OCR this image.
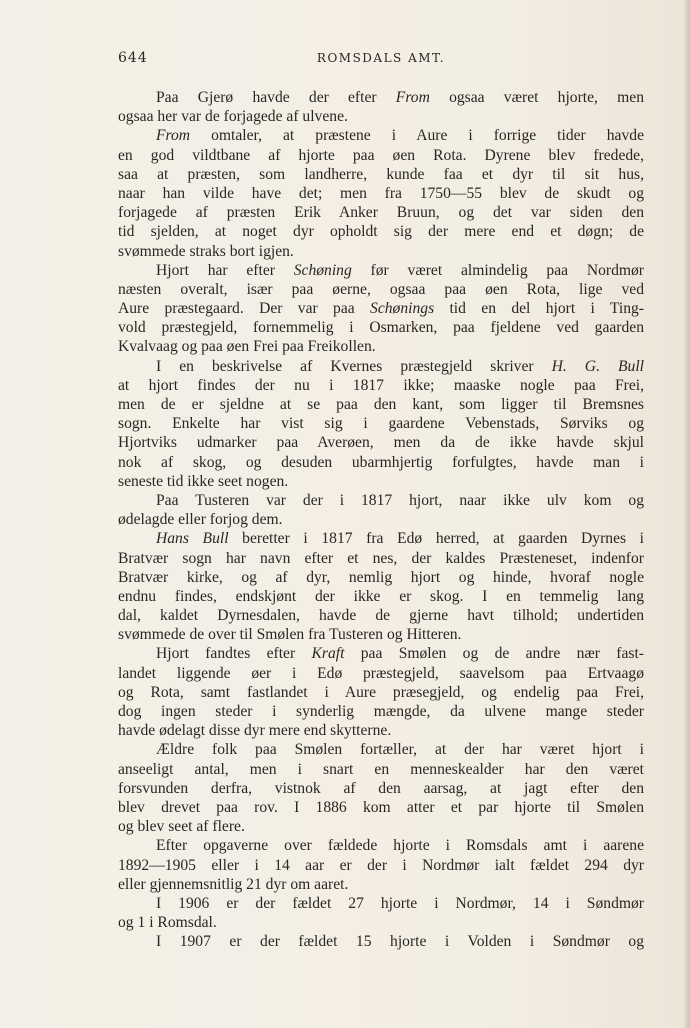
644	ROMSDALS AMT.
Paa Gjerø havde der efter From ogsaa været hjorte, men
ogsaa her var de forjagede af ulvene.
From omtaler, at præstene i Aure i forrige tider havde
en god vildtbane af hjorte paa øen Rota. Dyrene blev fredede,
saa at præsten, som landherre, kunde faa et dyr til sit hus,
naar han vilde have det; men fra 1750—55 blev de skudt og
forjagede af præsten Erik Anker Bruun, og det var siden den
tid sjelden, at noget dyr opholdt sig der mere end et døgn; de
svømmede straks bort igjen.
Hjort har efter Schøning før været almindelig paa Nordmør
næsten overalt, især paa øerne, ogsaa paa øen Rota, lige ved
Aure præstegaard. Der var paa Schønings tid en del hjort i Ting-
vold præstegjeld, fornemmelig i Osmarken, paa fjeldene ved gaarden
Kvalvaag og paa øen Frei paa Freikollen.
I en beskrivelse af Kvernes præstegjeld skriver H. G. Bull
at hjort findes der nu i 1817 ikke; maaske nogle paa Frei,
men de er sjeldne at se paa den kant, som ligger til Bremsnes
sogn. Enkelte har vist sig i gaardene Vebenstads, Sørviks og
Hjortviks udmarker paa Averøen, men da de ikke havde skjul
nok af skog, og desuden ubarmhjertig forfulgtes, havde man i
seneste tid ikke seet nogen.
Paa Tusteren var der i 1817 hjort, naar ikke ulv kom og
ødelagde eller forjog dem.
Hans Bull beretter i 1817 fra Edø herred, at gaarden Dyrnes i
Bratvær sogn har navn efter et nes, der kaldes Præsteneset, indenfor
Bratvær kirke, og af dyr, nemlig hjort og hinde, hvoraf nogle
endnu findes, endskjønt der ikke er skog. I en temmelig lang
dal, kaldet Dyrnesdalen, havde de gjerne havt tilhold; undertiden
svømmede de over til Smølen fra Tusteren og Hitteren.
Hjort fandtes efter Kraft paa Smølen og de andre nær fast-
landet liggende øer i Edø præstegjeld, saavelsom paa Ertvaagø
og Rota, samt fastlandet i Aure præsegjeld, og endelig paa Frei,
dog ingen steder i synderlig mængde, da ulvene mange steder
havde ødelagt disse dyr mere end skytterne.
Ældre folk paa Smølen fortæller, at der har været hjort i
anseeligt antal, men i snart en menneskealder har den været
forsvunden derfra, vistnok af den aarsag, at jagt efter den
blev drevet paa rov. I 1886 kom atter et par hjorte til Smølen
og blev seet af flere.
Efter opgaverne over fældede hjorte i Romsdals amt i aarene
1892—1905 eller i 14 aar er der i Nordmør ialt fældet 294 dyr
eller gjennemsnitlig 21 dyr om aaret.
I 1906 er der fældet 27 hjorte i Nordmør, 14 i Søndmør
og 1 i Romsdal.
I 1907 er der fældet 15 hjorte i Volden i Søndmør og
